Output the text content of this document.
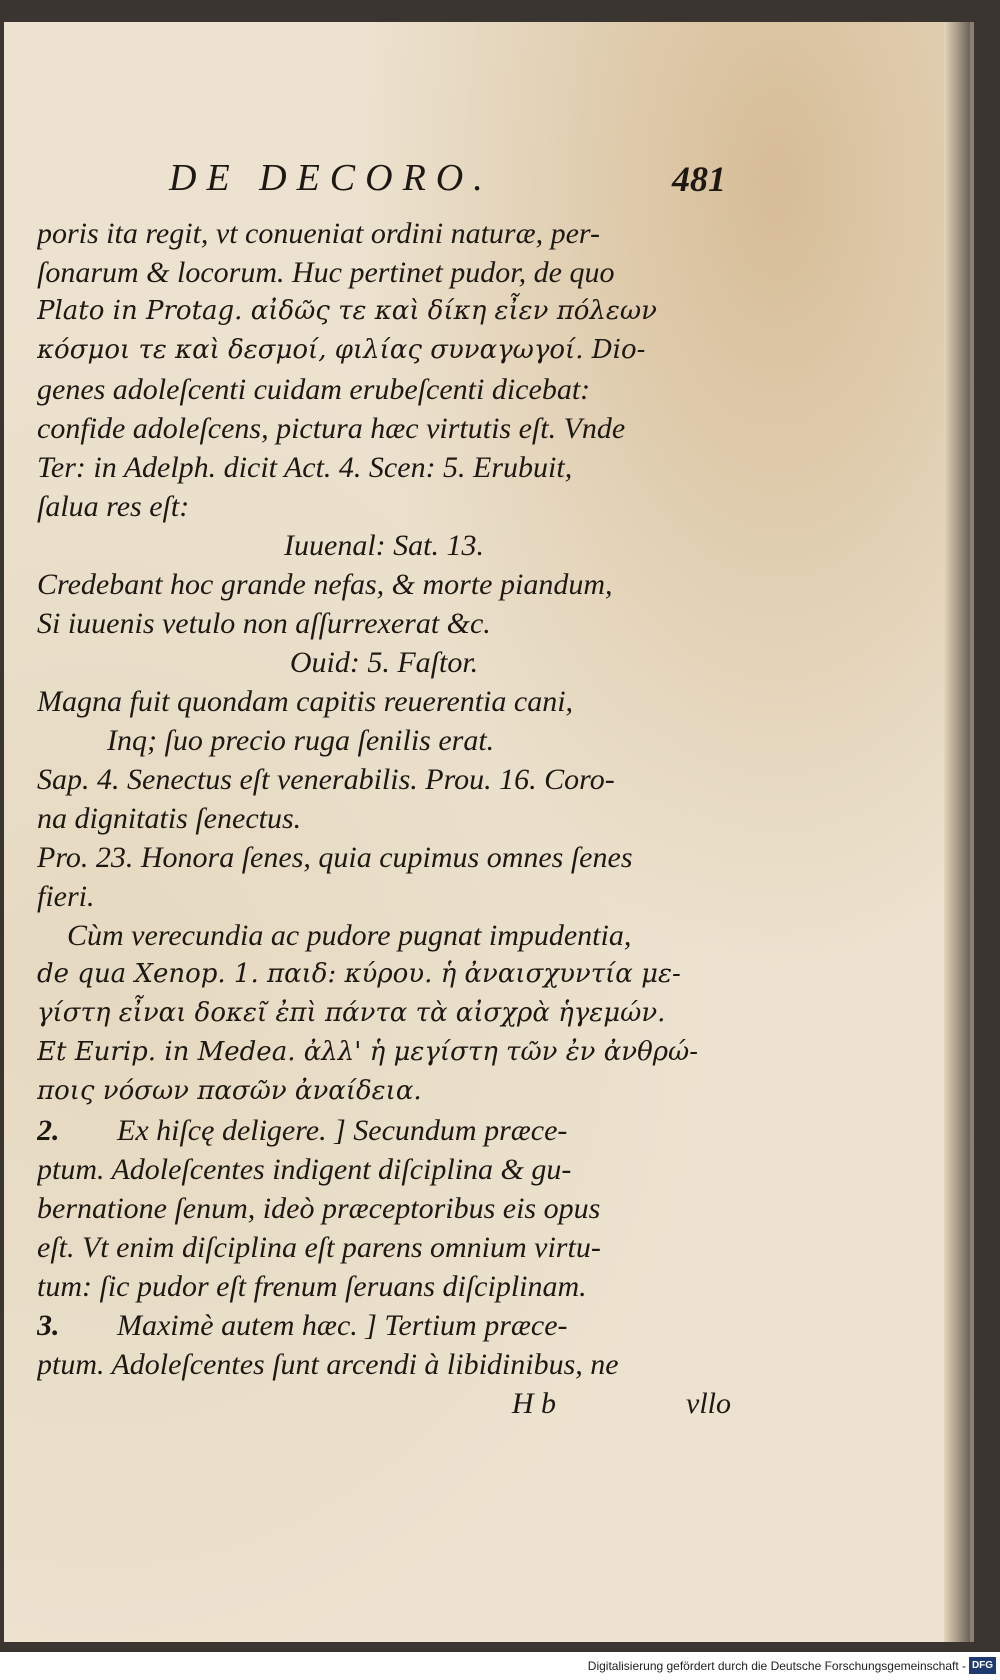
DE DECORO.	481
poris ita regit, vt conueniat ordini naturæ, per-
ſonarum & locorum. Huc pertinet pudor, de quo
Plato in Protag. αἰδῶς τε καὶ δίκη εἶεν πόλεων
κόσμοι τε καὶ δεσμοί, φιλίας συναγωγοί. Dio-
genes adoleſcenti cuidam erubeſcenti dicebat:
confide adoleſcens, pictura hæc virtutis eſt. Vnde
Ter: in Adelph. dicit Act. 4. Scen: 5. Erubuit,
ſalua res eſt:
Iuuenal: Sat. 13.
Credebant hoc grande nefas, & morte piandum,
Si iuuenis vetulo non aſſurrexerat &c.
Ouid: 5. Faſtor.
Magna fuit quondam capitis reuerentia cani,
Inq; ſuo precio ruga ſenilis erat.
Sap. 4. Senectus eſt venerabilis. Prou. 16. Coro-
na dignitatis ſenectus.
Pro. 23. Honora ſenes, quia cupimus omnes ſenes
fieri.
Cùm verecundia ac pudore pugnat impudentia,
de qua Xenop. 1. παιδ: κύρου. ἡ ἀναισχυντία με-
γίστη εἶναι δοκεῖ ἐπὶ πάντα τὰ αἰσχρὰ ἡγεμών.
Et Eurip. in Medea. ἀλλ' ἡ μεγίστη τῶν ἐν ἀνθρώ-
ποις νόσων πασῶν ἀναίδεια.
2. Ex hiſcę deligere. ] Secundum præce-
ptum. Adoleſcentes indigent diſciplina & gu-
bernatione ſenum, ideò præceptoribus eis opus
eſt. Vt enim diſciplina eſt parens omnium virtu-
tum: ſic pudor eſt frenum ſeruans diſciplinam.
3. Maximè autem hæc. ] Tertium præce-
ptum. Adoleſcentes ſunt arcendi à libidinibus, ne
H b	vllo
Digitalisierung gefördert durch die Deutsche Forschungsgemeinschaft - DFG
